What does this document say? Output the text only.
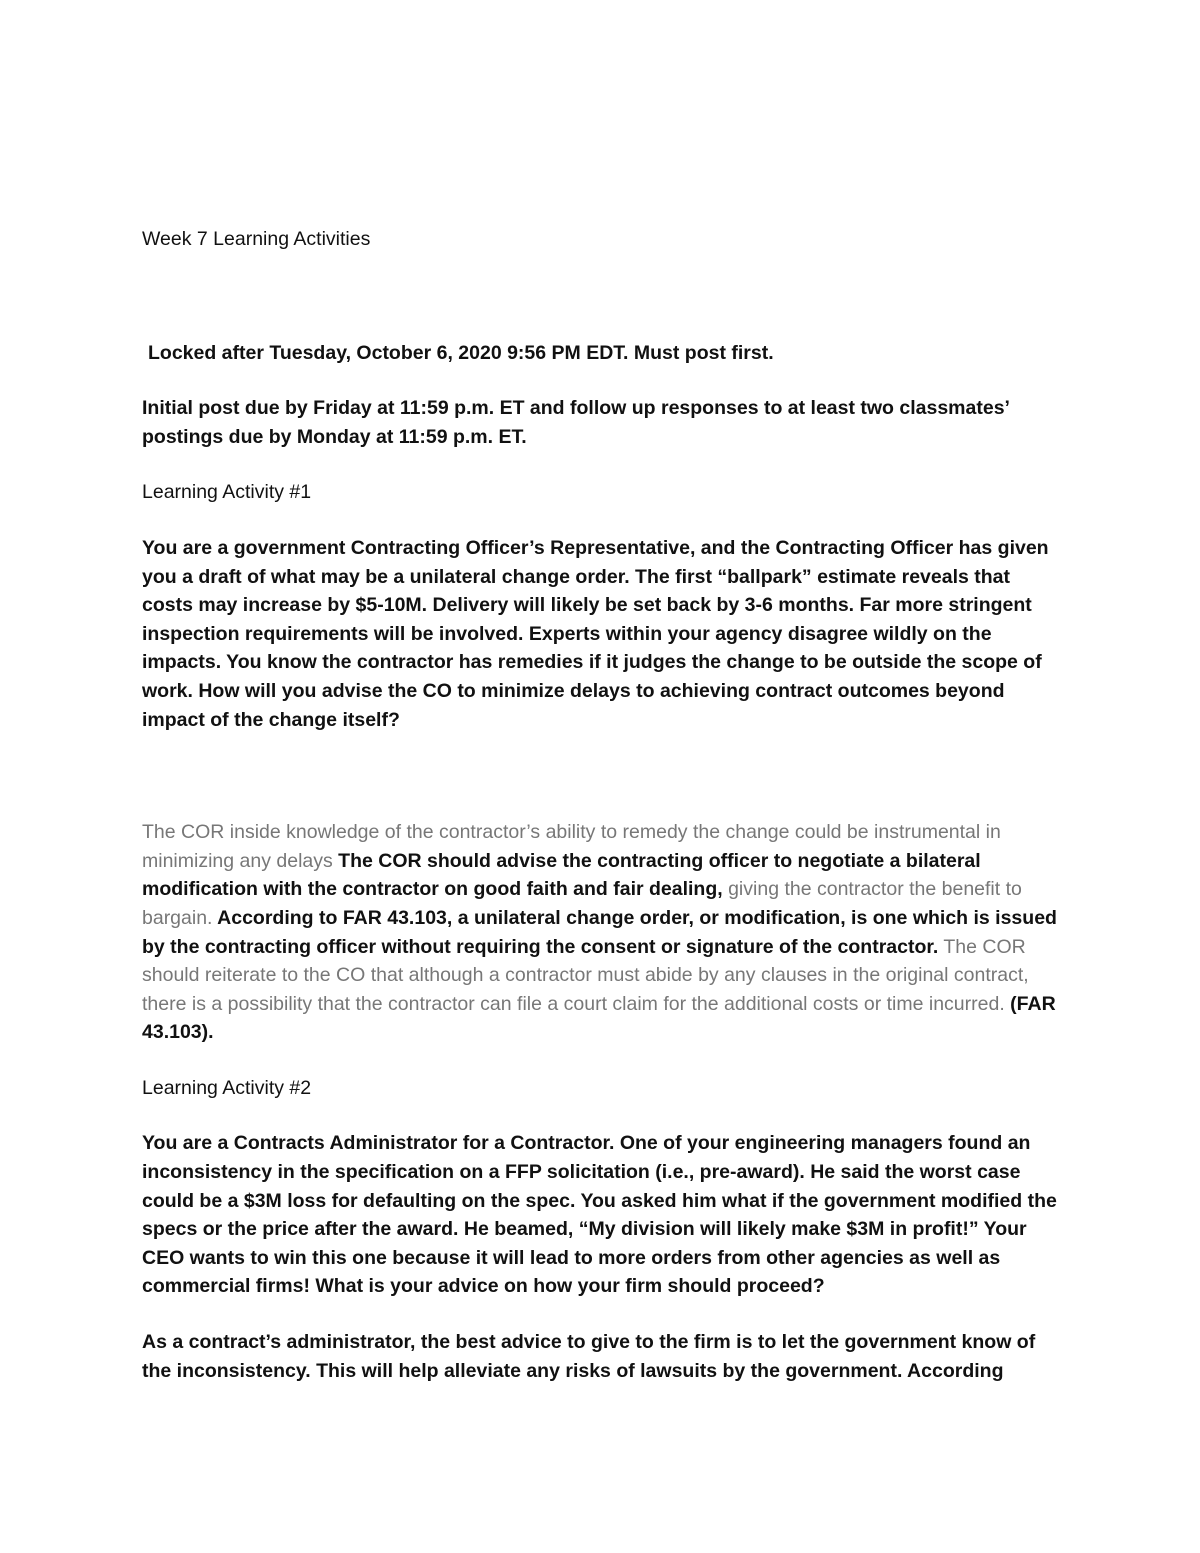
Week 7 Learning Activities

Locked after Tuesday, October 6, 2020 9:56 PM EDT. Must post first.

Initial post due by Friday at 11:59 p.m. ET and follow up responses to at least two classmates’ postings due by Monday at 11:59 p.m. ET.

Learning Activity #1

You are a government Contracting Officer’s Representative, and the Contracting Officer has given you a draft of what may be a unilateral change order. The first “ballpark” estimate reveals that costs may increase by $5-10M. Delivery will likely be set back by 3-6 months. Far more stringent inspection requirements will be involved. Experts within your agency disagree wildly on the impacts. You know the contractor has remedies if it judges the change to be outside the scope of work. How will you advise the CO to minimize delays to achieving contract outcomes beyond impact of the change itself?

The COR inside knowledge of the contractor’s ability to remedy the change could be instrumental in minimizing any delays The COR should advise the contracting officer to negotiate a bilateral modification with the contractor on good faith and fair dealing, giving the contractor the benefit to bargain. According to FAR 43.103, a unilateral change order, or modification, is one which is issued by the contracting officer without requiring the consent or signature of the contractor. The COR should reiterate to the CO that although a contractor must abide by any clauses in the original contract, there is a possibility that the contractor can file a court claim for the additional costs or time incurred. (FAR 43.103).

Learning Activity #2

You are a Contracts Administrator for a Contractor. One of your engineering managers found an inconsistency in the specification on a FFP solicitation (i.e., pre-award). He said the worst case could be a $3M loss for defaulting on the spec. You asked him what if the government modified the specs or the price after the award. He beamed, “My division will likely make $3M in profit!” Your CEO wants to win this one because it will lead to more orders from other agencies as well as commercial firms! What is your advice on how your firm should proceed?

As a contract’s administrator, the best advice to give to the firm is to let the government know of the inconsistency. This will help alleviate any risks of lawsuits by the government. According
